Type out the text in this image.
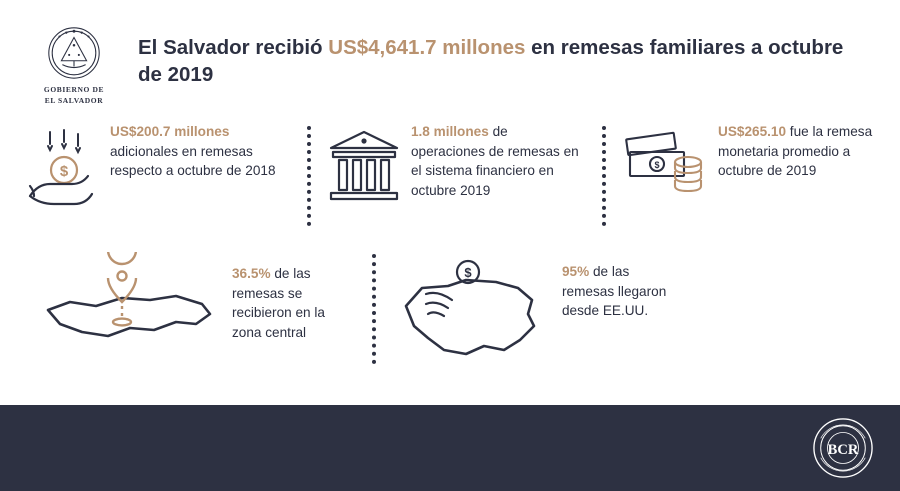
GOBIERNO DE
EL SALVADOR
El Salvador recibió US$4,641.7 millones en remesas familiares a octubre de 2019
$
US$200.7 millones adicionales en remesas respecto a octubre de 2018
1.8 millones de operaciones de remesas en el sistema financiero en octubre 2019
$
US$265.10 fue la remesa monetaria promedio a octubre de 2019
36.5% de las remesas se recibieron en la zona central
$	95% de las remesas llegaron desde EE.UU.
BCR
